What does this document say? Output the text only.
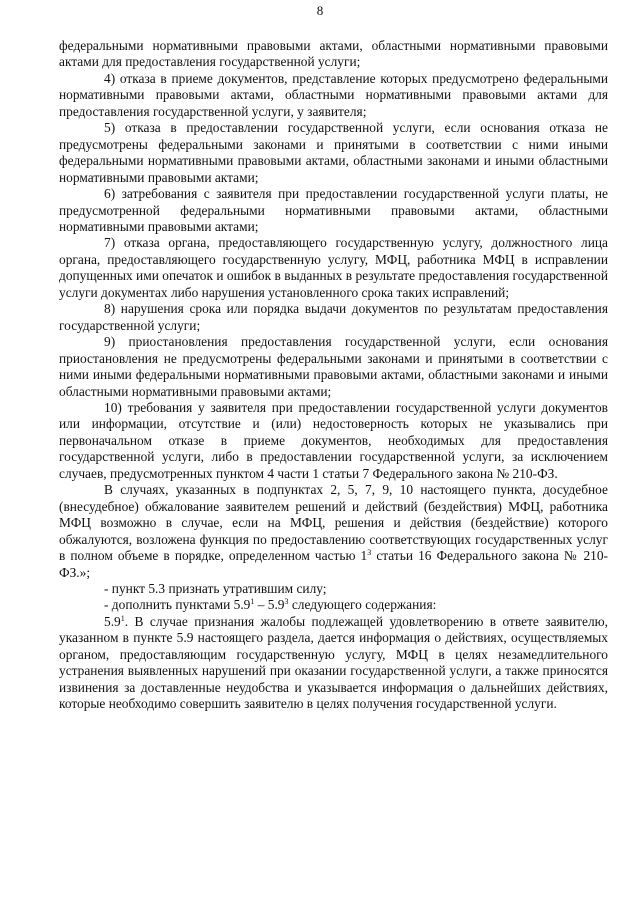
8

федеральными нормативными правовыми актами, областными нормативными правовыми актами для предоставления государственной услуги;

4) отказа в приеме документов, представление которых предусмотрено федеральными нормативными правовыми актами, областными нормативными правовыми актами для предоставления государственной услуги, у заявителя;

5) отказа в предоставлении государственной услуги, если основания отказа не предусмотрены федеральными законами и принятыми в соответствии с ними иными федеральными нормативными правовыми актами, областными законами и иными областными нормативными правовыми актами;

6) затребования с заявителя при предоставлении государственной услуги платы, не предусмотренной федеральными нормативными правовыми актами, областными нормативными правовыми актами;

7) отказа органа, предоставляющего государственную услугу, должностного лица органа, предоставляющего государственную услугу, МФЦ, работника МФЦ в исправлении допущенных ими опечаток и ошибок в выданных в результате предоставления государственной услуги документах либо нарушения установленного срока таких исправлений;

8) нарушения срока или порядка выдачи документов по результатам предоставления государственной услуги;

9) приостановления предоставления государственной услуги, если основания приостановления не предусмотрены федеральными законами и принятыми в соответствии с ними иными федеральными нормативными правовыми актами, областными законами и иными областными нормативными правовыми актами;

10) требования у заявителя при предоставлении государственной услуги документов или информации, отсутствие и (или) недостоверность которых не указывались при первоначальном отказе в приеме документов, необходимых для предоставления государственной услуги, либо в предоставлении государственной услуги, за исключением случаев, предусмотренных пунктом 4 части 1 статьи 7 Федерального закона № 210-ФЗ.

В случаях, указанных в подпунктах 2, 5, 7, 9, 10 настоящего пункта, досудебное (внесудебное) обжалование заявителем решений и действий (бездействия) МФЦ, работника МФЦ возможно в случае, если на МФЦ, решения и действия (бездействие) которого обжалуются, возложена функция по предоставлению соответствующих государственных услуг в полном объеме в порядке, определенном частью $1^3$ статьи 16 Федерального закона № 210-ФЗ.»;

- пункт 5.3 признать утратившим силу;

- дополнить пунктами $5.9^1 - 5.9^3$ следующего содержания:

$5.9^1$. В случае признания жалобы подлежащей удовлетворению в ответе заявителю, указанном в пункте 5.9 настоящего раздела, дается информация о действиях, осуществляемых органом, предоставляющим государственную услугу, МФЦ в целях незамедлительного устранения выявленных нарушений при оказании государственной услуги, а также приносятся извинения за доставленные неудобства и указывается информация о дальнейших действиях, которые необходимо совершить заявителю в целях получения государственной услуги.
